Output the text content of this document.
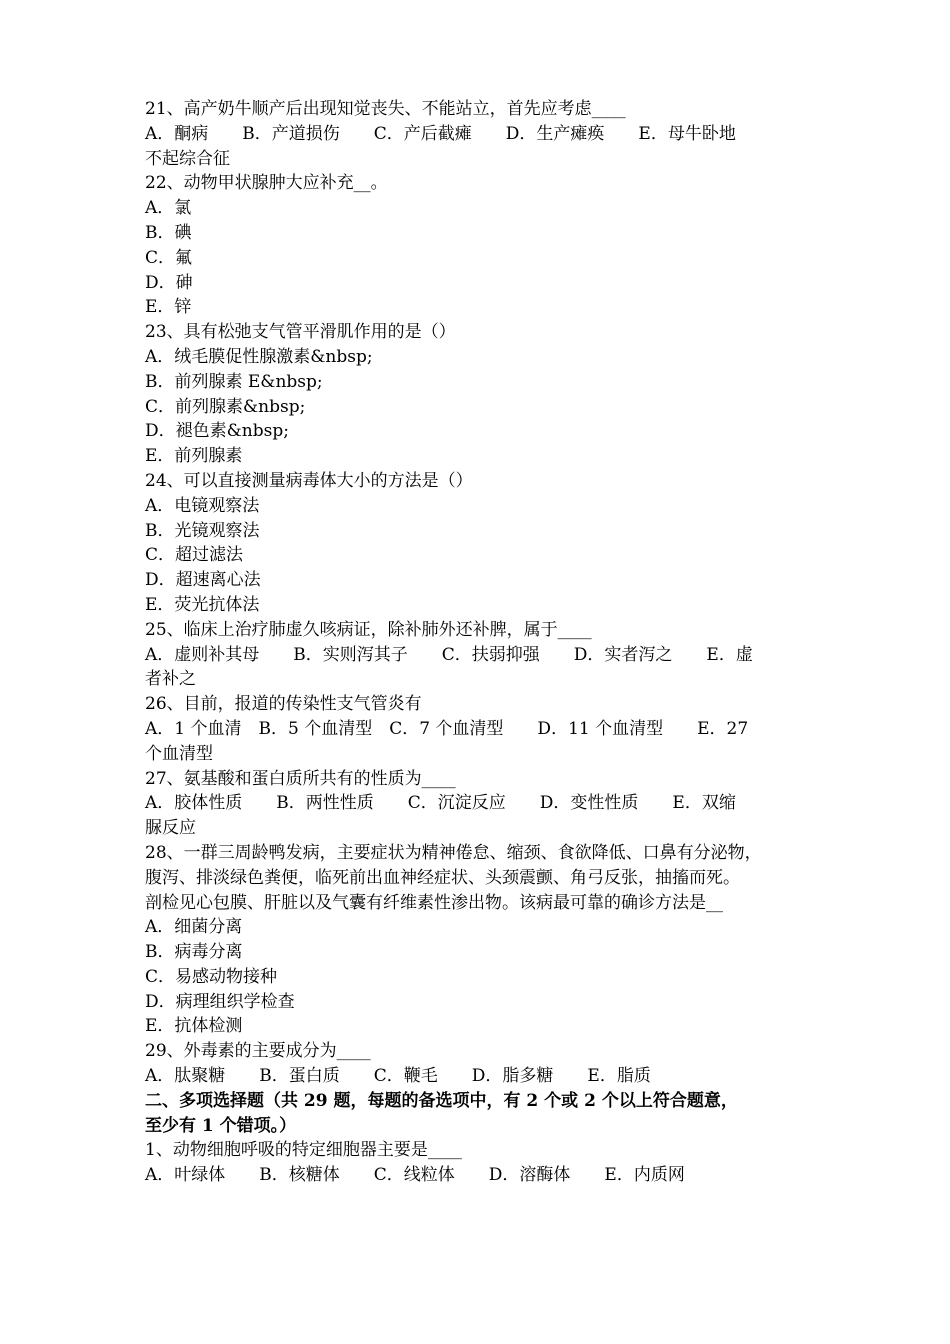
21、高产奶牛顺产后出现知觉丧失、不能站立，首先应考虑____
A．酮病　　B．产道损伤　　C．产后截瘫　　D．生产瘫痪　　E．母牛卧地
不起综合征
22、动物甲状腺肿大应补充__。
A．氯
B．碘
C．氟
D．砷
E．锌
23、具有松弛支气管平滑肌作用的是（）
A．绒毛膜促性腺激素&nbsp;
B．前列腺素 E&nbsp;
C．前列腺素&nbsp;
D．褪色素&nbsp;
E．前列腺素
24、可以直接测量病毒体大小的方法是（）
A．电镜观察法
B．光镜观察法
C．超过滤法
D．超速离心法
E．荧光抗体法
25、临床上治疗肺虚久咳病证，除补肺外还补脾，属于____
A．虚则补其母　　B．实则泻其子　　C．扶弱抑强　　D．实者泻之　　E．虚
者补之
26、目前，报道的传染性支气管炎有
A．1 个血清　B．5 个血清型　C．7 个血清型　　D．11 个血清型　　E．27
个血清型
27、氨基酸和蛋白质所共有的性质为____
A．胶体性质　　B．两性性质　　C．沉淀反应　　D．变性性质　　E．双缩
脲反应
28、一群三周龄鸭发病，主要症状为精神倦怠、缩颈、食欲降低、口鼻有分泌物，
腹泻、排淡绿色粪便，临死前出血神经症状、头颈震颤、角弓反张，抽搐而死。
剖检见心包膜、肝脏以及气囊有纤维素性渗出物。该病最可靠的确诊方法是__
A．细菌分离
B．病毒分离
C．易感动物接种
D．病理组织学检查
E．抗体检测
29、外毒素的主要成分为____
A．肽聚糖　　B．蛋白质　　C．鞭毛　　D．脂多糖　　E．脂质
二、多项选择题（共 29 题，每题的备选项中，有 2 个或 2 个以上符合题意，
至少有 1 个错项。）
1、动物细胞呼吸的特定细胞器主要是____
A．叶绿体　　B．核糖体　　C．线粒体　　D．溶酶体　　E．内质网
